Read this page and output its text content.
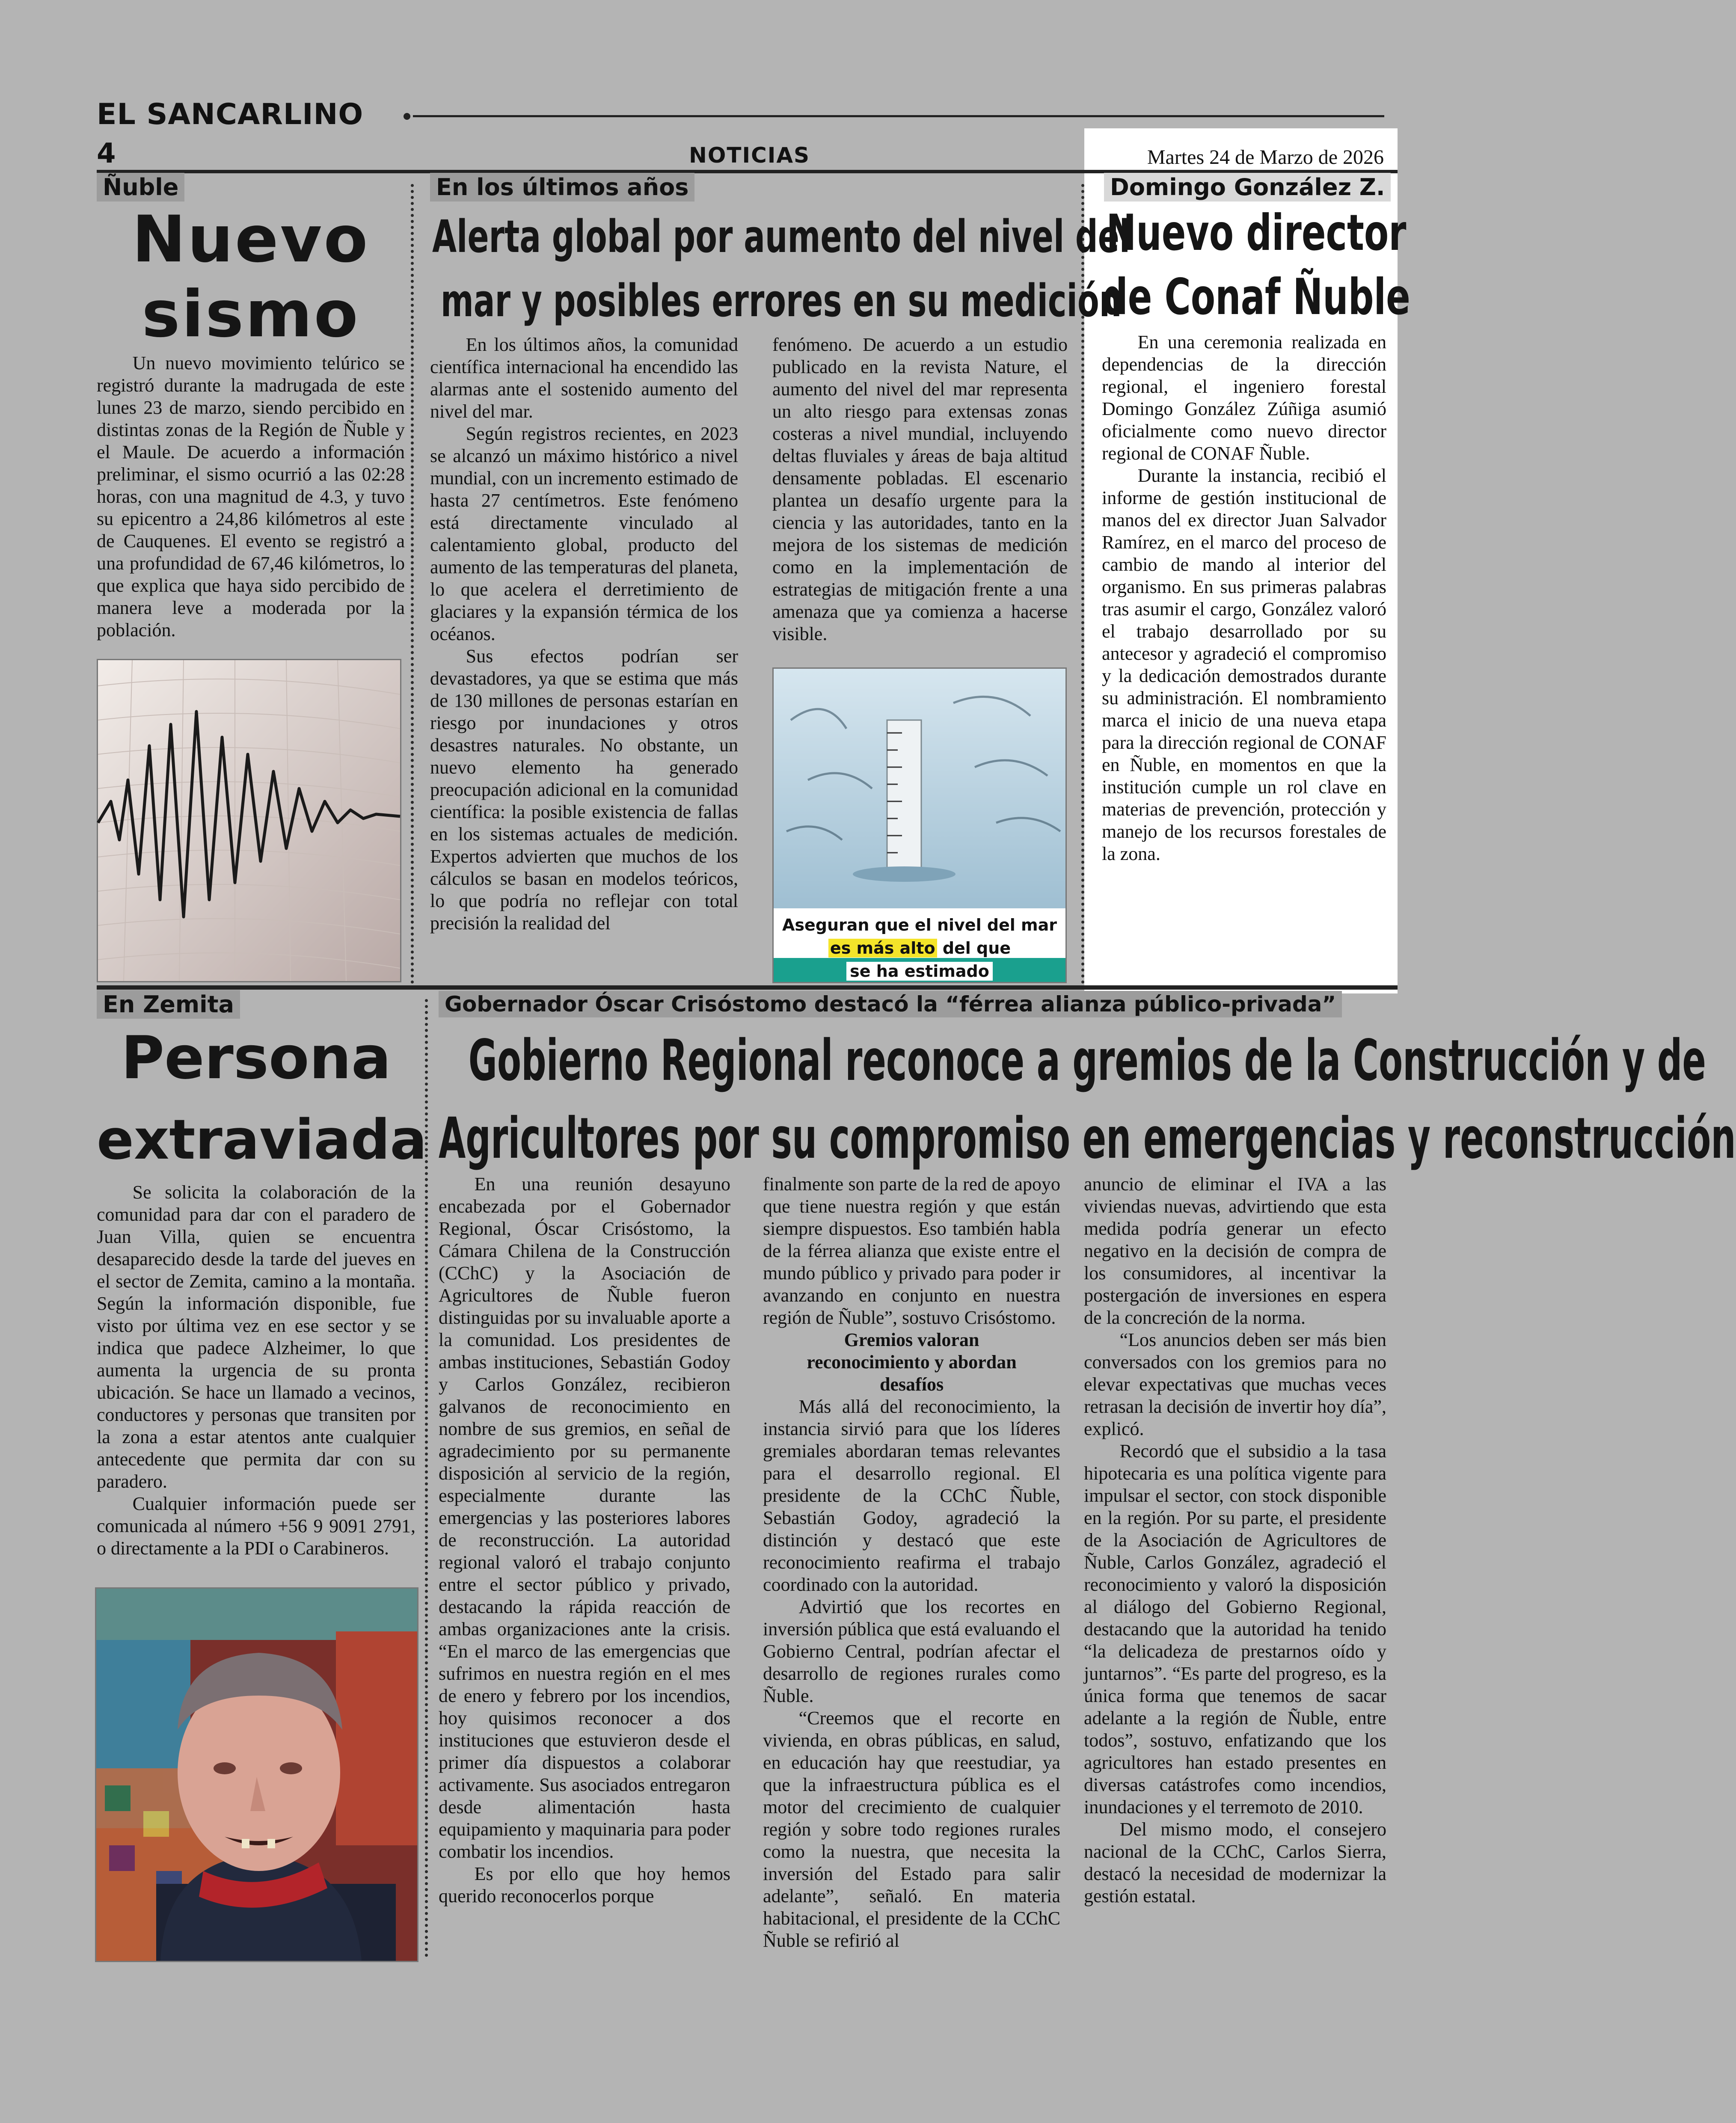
EL SANCARLINO
4	NOTICIAS	Martes 24 de Marzo de 2026
Ñuble
Nuevo
sismo

Un nuevo movimiento telúrico se registró durante la madrugada de este lunes 23 de marzo, siendo percibido en distintas zonas de la Región de Ñuble y el Maule. De acuerdo a información preliminar, el sismo ocurrió a las 02:28 horas, con una magnitud de 4.3, y tuvo su epicentro a 24,86 kilómetros al este de Cauquenes. El evento se registró a una profundidad de 67,46 kilómetros, lo que explica que haya sido percibido de manera leve a moderada por la población.

En los últimos años
Alerta global por aumento del nivel del
mar y posibles errores en su medición

En los últimos años, la comunidad científica internacional ha encendido las alarmas ante el sostenido aumento del nivel del mar.

Según registros recientes, en 2023 se alcanzó un máximo histórico a nivel mundial, con un incremento estimado de hasta 27 centímetros. Este fenómeno está directamente vinculado al calentamiento global, producto del aumento de las temperaturas del planeta, lo que acelera el derretimiento de glaciares y la expansión térmica de los océanos.

Sus efectos podrían ser devastadores, ya que se estima que más de 130 millones de personas estarían en riesgo por inundaciones y otros desastres naturales. No obstante, un nuevo elemento ha generado preocupación adicional en la comunidad científica: la posible existencia de fallas en los sistemas actuales de medición. Expertos advierten que muchos de los cálculos se basan en modelos teóricos, lo que podría no reflejar con total precisión la realidad del

fenómeno. De acuerdo a un estudio publicado en la revista Nature, el aumento del nivel del mar representa un alto riesgo para extensas zonas costeras a nivel mundial, incluyendo deltas fluviales y áreas de baja altitud densamente pobladas. El escenario plantea un desafío urgente para la ciencia y las autoridades, tanto en la mejora de los sistemas de medición como en la implementación de estrategias de mitigación frente a una amenaza que ya comienza a hacerse visible.

Aseguran que el nivel del mar
es más alto del que
se ha estimado
Domingo González Z.
Nuevo director
de Conaf Ñuble

En una ceremonia realizada en dependencias de la dirección regional, el ingeniero forestal Domingo González Zúñiga asumió oficialmente como nuevo director regional de CONAF Ñuble.

Durante la instancia, recibió el informe de gestión institucional de manos del ex director Juan Salvador Ramírez, en el marco del proceso de cambio de mando al interior del organismo. En sus primeras palabras tras asumir el cargo, González valoró el trabajo desarrollado por su antecesor y agradeció el compromiso y la dedicación demostrados durante su administración. El nombramiento marca el inicio de una nueva etapa para la dirección regional de CONAF en Ñuble, en momentos en que la institución cumple un rol clave en materias de prevención, protección y manejo de los recursos forestales de la zona.

En Zemita
Persona
extraviada

Se solicita la colaboración de la comunidad para dar con el paradero de Juan Villa, quien se encuentra desaparecido desde la tarde del jueves en el sector de Zemita, camino a la montaña. Según la información disponible, fue visto por última vez en ese sector y se indica que padece Alzheimer, lo que aumenta la urgencia de su pronta ubicación. Se hace un llamado a vecinos, conductores y personas que transiten por la zona a estar atentos ante cualquier antecedente que permita dar con su paradero.

Cualquier información puede ser comunicada al número +56 9 9091 2791, o directamente a la PDI o Carabineros.

Gobernador Óscar Crisóstomo destacó la “férrea alianza público-privada”
Gobierno Regional reconoce a gremios de la Construcción y de
Agricultores por su compromiso en emergencias y reconstrucción

En una reunión desayuno encabezada por el Gobernador Regional, Óscar Crisóstomo, la Cámara Chilena de la Construcción (CChC) y la Asociación de Agricultores de Ñuble fueron distinguidas por su invaluable aporte a la comunidad. Los presidentes de ambas instituciones, Sebastián Godoy y Carlos González, recibieron galvanos de reconocimiento en nombre de sus gremios, en señal de agradecimiento por su permanente disposición al servicio de la región, especialmente durante las emergencias y las posteriores labores de reconstrucción. La autoridad regional valoró el trabajo conjunto entre el sector público y privado, destacando la rápida reacción de ambas organizaciones ante la crisis. “En el marco de las emergencias que sufrimos en nuestra región en el mes de enero y febrero por los incendios, hoy quisimos reconocer a dos instituciones que estuvieron desde el primer día dispuestos a colaborar activamente. Sus asociados entregaron desde alimentación hasta equipamiento y maquinaria para poder combatir los incendios.

Es por ello que hoy hemos querido reconocerlos porque

finalmente son parte de la red de apoyo que tiene nuestra región y que están siempre dispuestos. Eso también habla de la férrea alianza que existe entre el mundo público y privado para poder ir avanzando en conjunto en nuestra región de Ñuble”, sostuvo Crisóstomo.

Gremios valoran reconocimiento y abordan desafíos

Más allá del reconocimiento, la instancia sirvió para que los líderes gremiales abordaran temas relevantes para el desarrollo regional. El presidente de la CChC Ñuble, Sebastián Godoy, agradeció la distinción y destacó que este reconocimiento reafirma el trabajo coordinado con la autoridad.

Advirtió que los recortes en inversión pública que está evaluando el Gobierno Central, podrían afectar el desarrollo de regiones rurales como Ñuble.

“Creemos que el recorte en vivienda, en obras públicas, en salud, en educación hay que reestudiar, ya que la infraestructura pública es el motor del crecimiento de cualquier región y sobre todo regiones rurales como la nuestra, que necesita la inversión del Estado para salir adelante”, señaló. En materia habitacional, el presidente de la CChC Ñuble se refirió al

anuncio de eliminar el IVA a las viviendas nuevas, advirtiendo que esta medida podría generar un efecto negativo en la decisión de compra de los consumidores, al incentivar la postergación de inversiones en espera de la concreción de la norma.

“Los anuncios deben ser más bien conversados con los gremios para no elevar expectativas que muchas veces retrasan la decisión de invertir hoy día”, explicó.

Recordó que el subsidio a la tasa hipotecaria es una política vigente para impulsar el sector, con stock disponible en la región. Por su parte, el presidente de la Asociación de Agricultores de Ñuble, Carlos González, agradeció el reconocimiento y valoró la disposición al diálogo del Gobierno Regional, destacando que la autoridad ha tenido “la delicadeza de prestarnos oído y juntarnos”. “Es parte del progreso, es la única forma que tenemos de sacar adelante a la región de Ñuble, entre todos”, sostuvo, enfatizando que los agricultores han estado presentes en diversas catástrofes como incendios, inundaciones y el terremoto de 2010.

Del mismo modo, el consejero nacional de la CChC, Carlos Sierra, destacó la necesidad de modernizar la gestión estatal.
